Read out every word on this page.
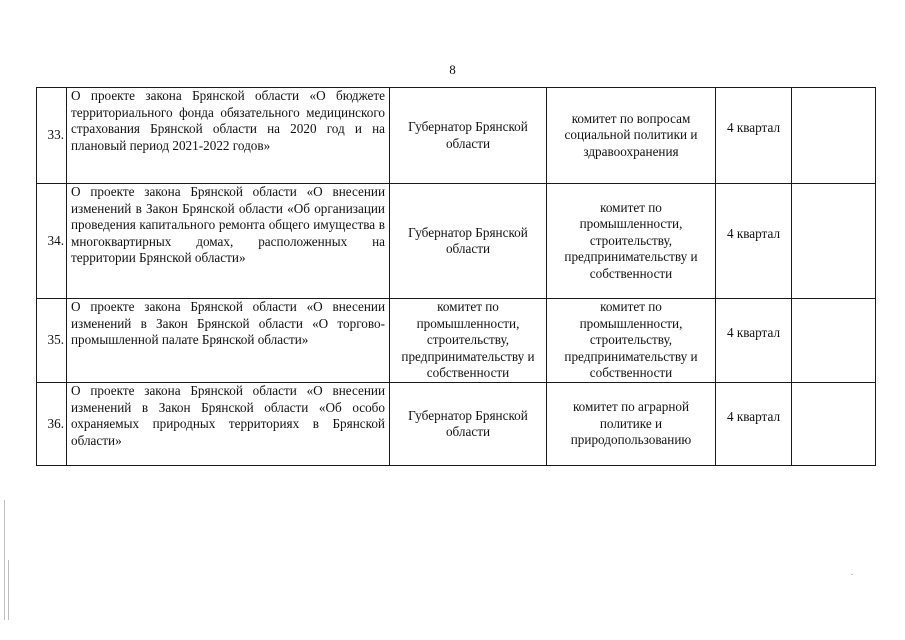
8
33.	О проекте закона Брянской области «О бюджете территориального фонда обязательного медицинского страхования Брянской области на 2020 год и на плановый период 2021-2022 годов»	Губернатор Брянской области	комитет по вопросам социальной политики и здравоохранения	4 квартал	
34.	О проекте закона Брянской области «О внесении изменений в Закон Брянской области «Об организации проведения капитального ремонта общего имущества в многоквартирных домах, расположенных на территории Брянской области»	Губернатор Брянской области	комитет по промышленности, строительству, предпринимательству и собственности	4 квартал	
35.	О проекте закона Брянской области «О внесении изменений в Закон Брянской области «О торгово-промышленной палате Брянской области»	комитет по промышленности, строительству, предпринимательству и собственности	комитет по промышленности, строительству, предпринимательству и собственности	4 квартал	
36.	О проекте закона Брянской области «О внесении изменений в Закон Брянской области «Об особо охраняемых природных территориях в Брянской области»	Губернатор Брянской области	комитет по аграрной политике и природопользованию	4 квартал	
